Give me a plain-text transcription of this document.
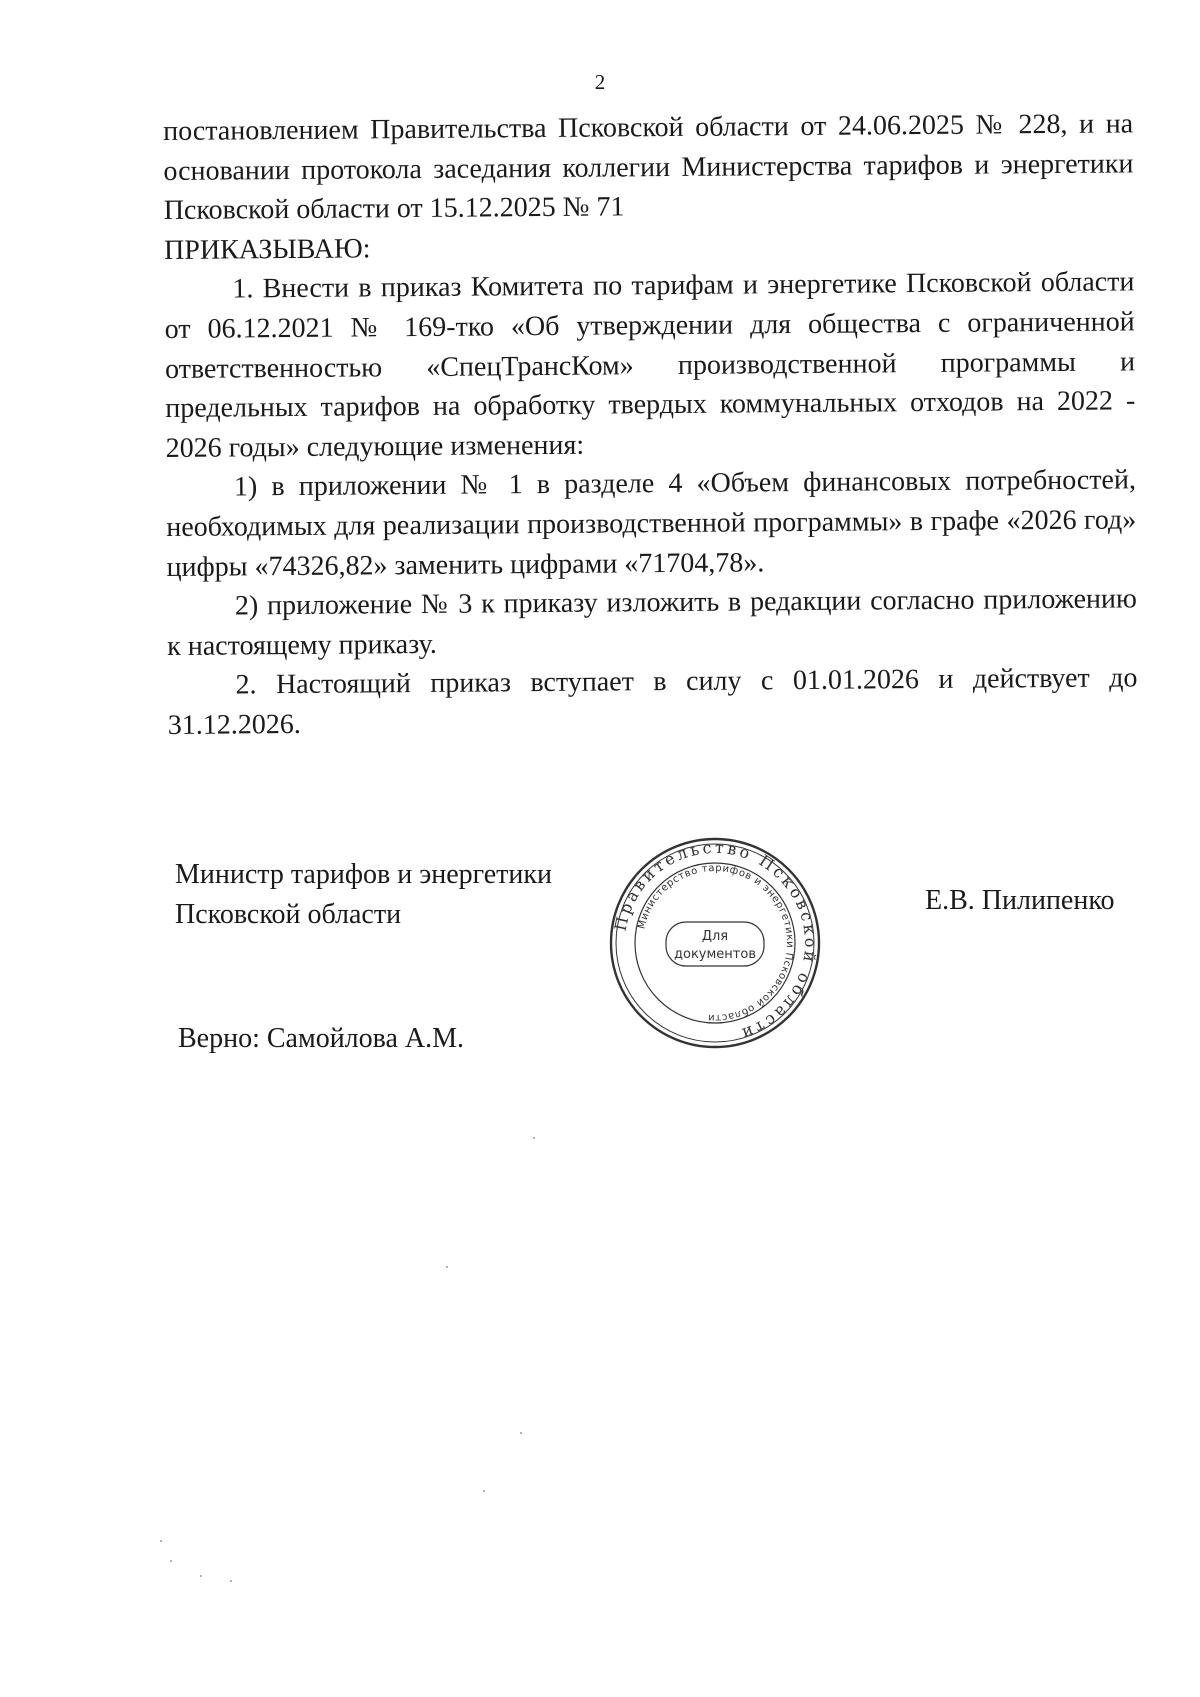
2

постановлением Правительства Псковской области от 24.06.2025 № 228, и на основании протокола заседания коллегии Министерства тарифов и энергетики Псковской области от 15.12.2025 № 71

ПРИКАЗЫВАЮ:

1. Внести в приказ Комитета по тарифам и энергетике Псковской области от 06.12.2021 № 169-тко «Об утверждении для общества с ограниченной ответственностью «СпецТрансКом» производственной программы и предельных тарифов на обработку твердых коммунальных отходов на 2022 - 2026 годы» следующие изменения:

1) в приложении № 1 в разделе 4 «Объем финансовых потребностей, необходимых для реализации производственной программы» в графе «2026 год» цифры «74326,82» заменить цифрами «71704,78».

2) приложение № 3 к приказу изложить в редакции согласно приложению к настоящему приказу.

2. Настоящий приказ вступает в силу с 01.01.2026 и действует до 31.12.2026.

Министр тарифов и энергетики
Псковской области	Е.В. Пилипенко
Верно: Самойлова А.М.
Правительство Псковской области
Министерство тарифов и энергетики Псковской области
Для
документов
